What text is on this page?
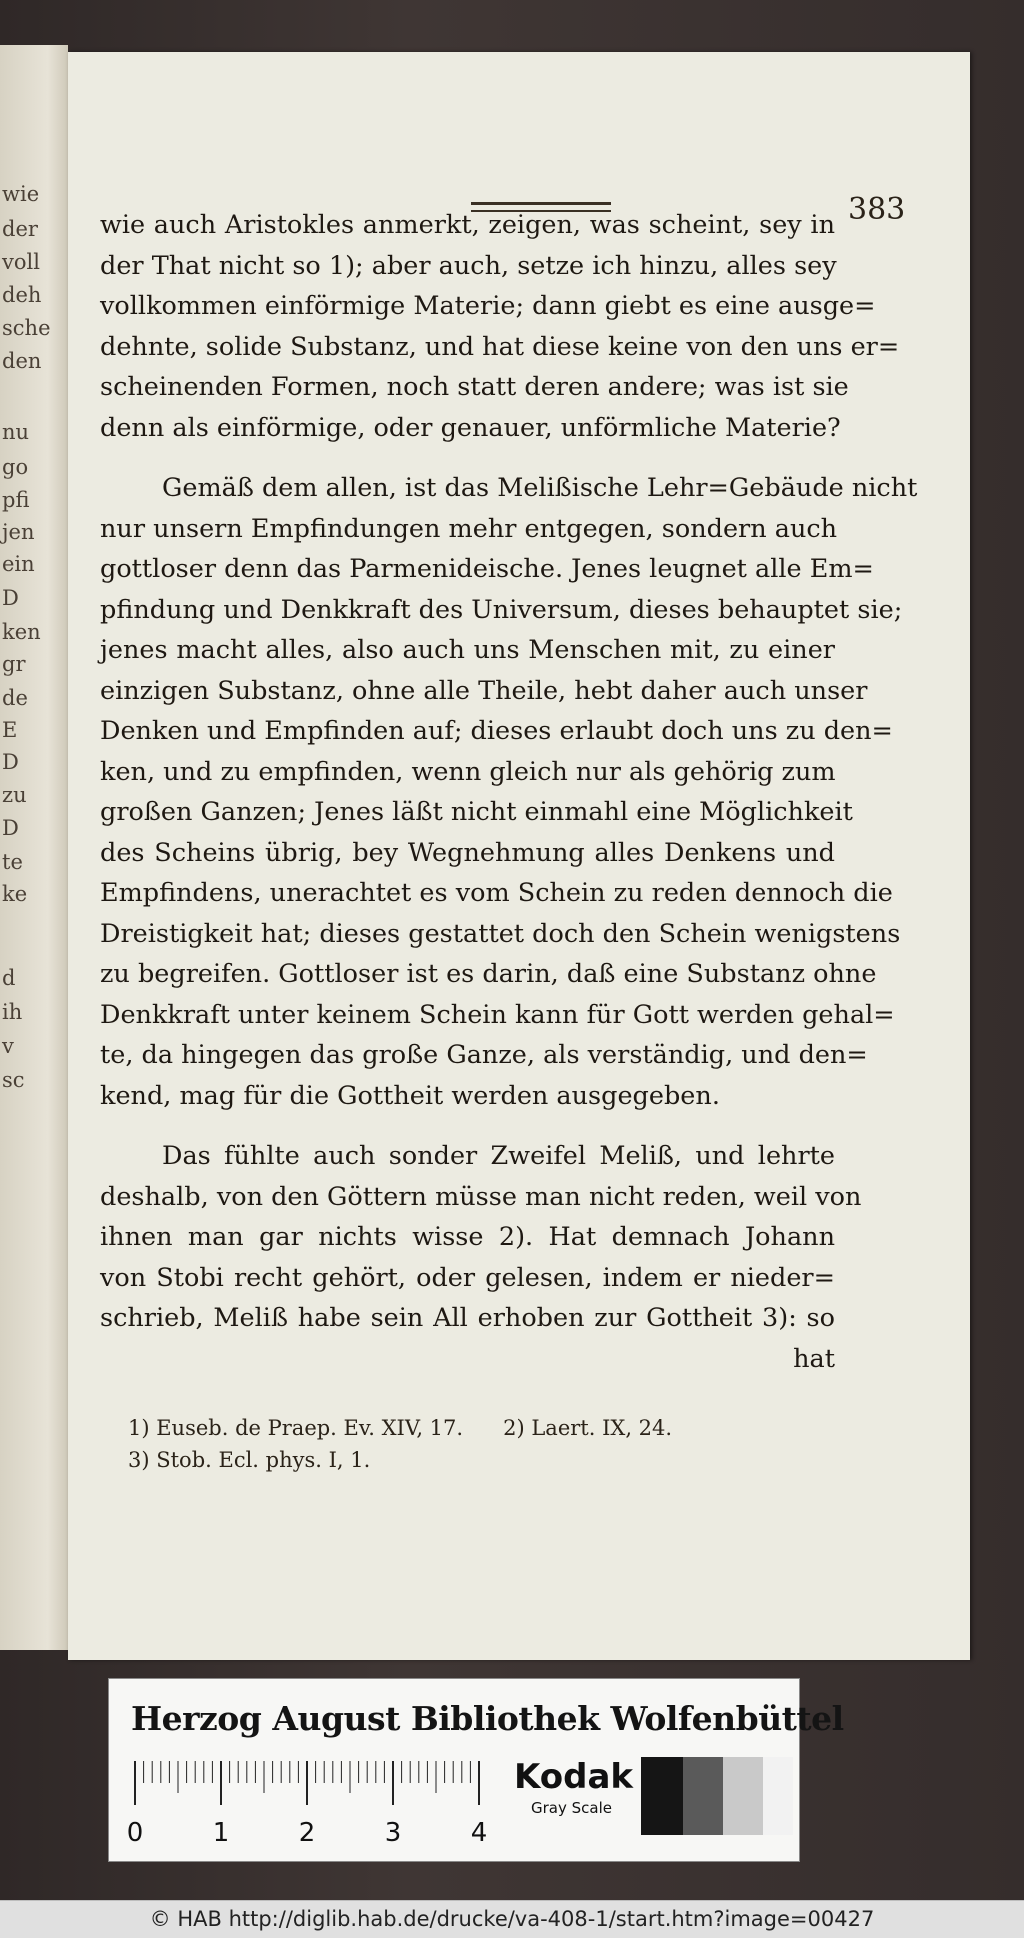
wie
der
voll
deh
sche
den
nu
go
pfi
jen
ein
D
ken
gr
de
E
D
zu
D
te
ke
d
ih
v
sc
383
wie auch Aristokles anmerkt, zeigen, was scheint, sey in
der That nicht so 1); aber auch, setze ich hinzu, alles sey
vollkommen einförmige Materie; dann giebt es eine ausge=
dehnte, solide Substanz, und hat diese keine von den uns er=
scheinenden Formen, noch statt deren andere; was ist sie
denn als einförmige, oder genauer, unförmliche Materie?
Gemäß dem allen, ist das Melißische Lehr=Gebäude nicht
nur unsern Empfindungen mehr entgegen, sondern auch
gottloser denn das Parmenideische. Jenes leugnet alle Em=
pfindung und Denkkraft des Universum, dieses behauptet sie;
jenes macht alles, also auch uns Menschen mit, zu einer
einzigen Substanz, ohne alle Theile, hebt daher auch unser
Denken und Empfinden auf; dieses erlaubt doch uns zu den=
ken, und zu empfinden, wenn gleich nur als gehörig zum
großen Ganzen; Jenes läßt nicht einmahl eine Möglichkeit
des Scheins übrig, bey Wegnehmung alles Denkens und
Empfindens, unerachtet es vom Schein zu reden dennoch die
Dreistigkeit hat; dieses gestattet doch den Schein wenigstens
zu begreifen. Gottloser ist es darin, daß eine Substanz ohne
Denkkraft unter keinem Schein kann für Gott werden gehal=
te, da hingegen das große Ganze, als verständig, und den=
kend, mag für die Gottheit werden ausgegeben.
Das fühlte auch sonder Zweifel Meliß, und lehrte
deshalb, von den Göttern müsse man nicht reden, weil von
ihnen man gar nichts wisse 2). Hat demnach Johann
von Stobi recht gehört, oder gelesen, indem er nieder=
schrieb, Meliß habe sein All erhoben zur Gottheit 3): so
hat
1) Euseb. de Praep. Ev. XIV, 17.      2) Laert. IX, 24.
3) Stob. Ecl. phys. I, 1.
Herzog August Bibliothek Wolfenbüttel
0	1	2	3	4
Kodak
Gray Scale
© HAB http://diglib.hab.de/drucke/va-408-1/start.htm?image=00427
